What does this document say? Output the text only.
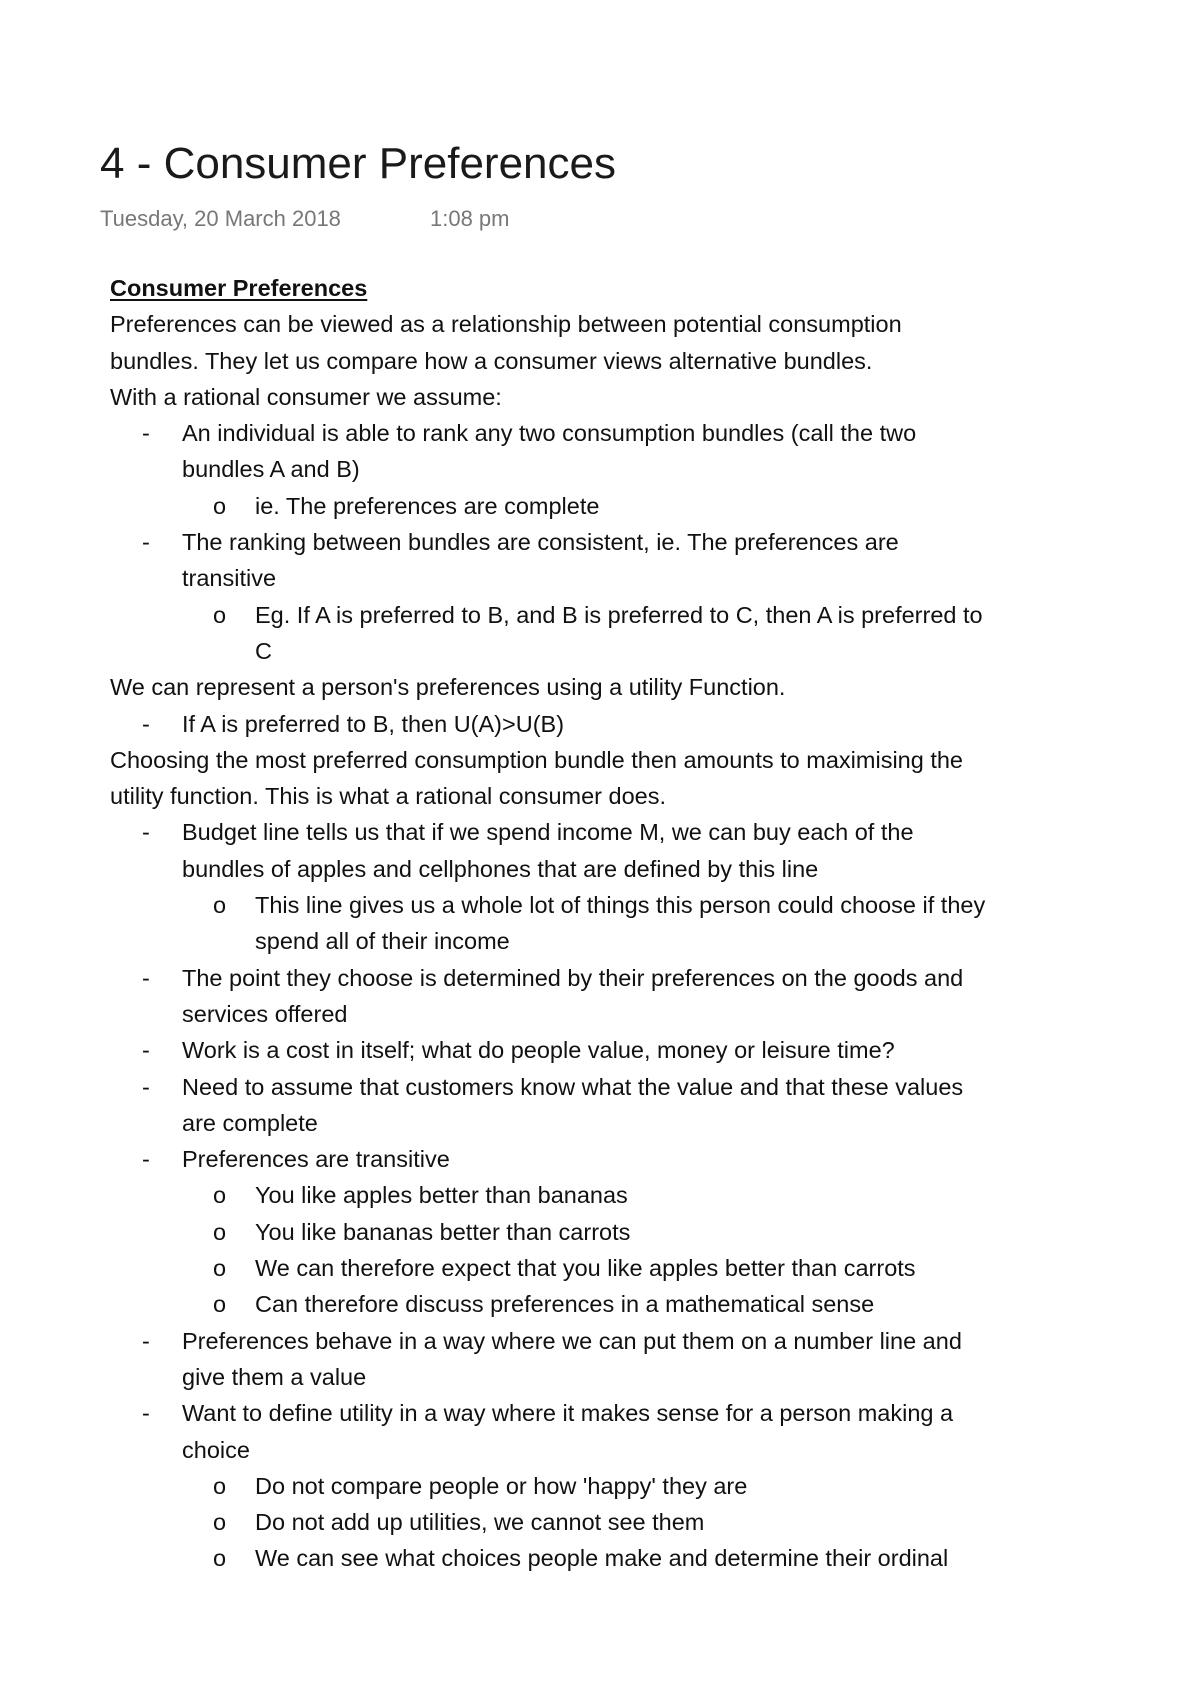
4 - Consumer Preferences
Tuesday, 20 March 2018	1:08 pm
Consumer Preferences
Preferences can be viewed as a relationship between potential consumption
bundles. They let us compare how a consumer views alternative bundles.
With a rational consumer we assume:
- An individual is able to rank any two consumption bundles (call the two
bundles A and B)
o ie. The preferences are complete
- The ranking between bundles are consistent, ie. The preferences are
transitive
o Eg. If A is preferred to B, and B is preferred to C, then A is preferred to
C
We can represent a person's preferences using a utility Function.
- If A is preferred to B, then U(A)>U(B)
Choosing the most preferred consumption bundle then amounts to maximising the
utility function. This is what a rational consumer does.
- Budget line tells us that if we spend income M, we can buy each of the
bundles of apples and cellphones that are defined by this line
o This line gives us a whole lot of things this person could choose if they
spend all of their income
- The point they choose is determined by their preferences on the goods and
services offered
- Work is a cost in itself; what do people value, money or leisure time?
- Need to assume that customers know what the value and that these values
are complete
- Preferences are transitive
o You like apples better than bananas
o You like bananas better than carrots
o We can therefore expect that you like apples better than carrots
o Can therefore discuss preferences in a mathematical sense
- Preferences behave in a way where we can put them on a number line and
give them a value
- Want to define utility in a way where it makes sense for a person making a
choice
o Do not compare people or how 'happy' they are
o Do not add up utilities, we cannot see them
o We can see what choices people make and determine their ordinal
